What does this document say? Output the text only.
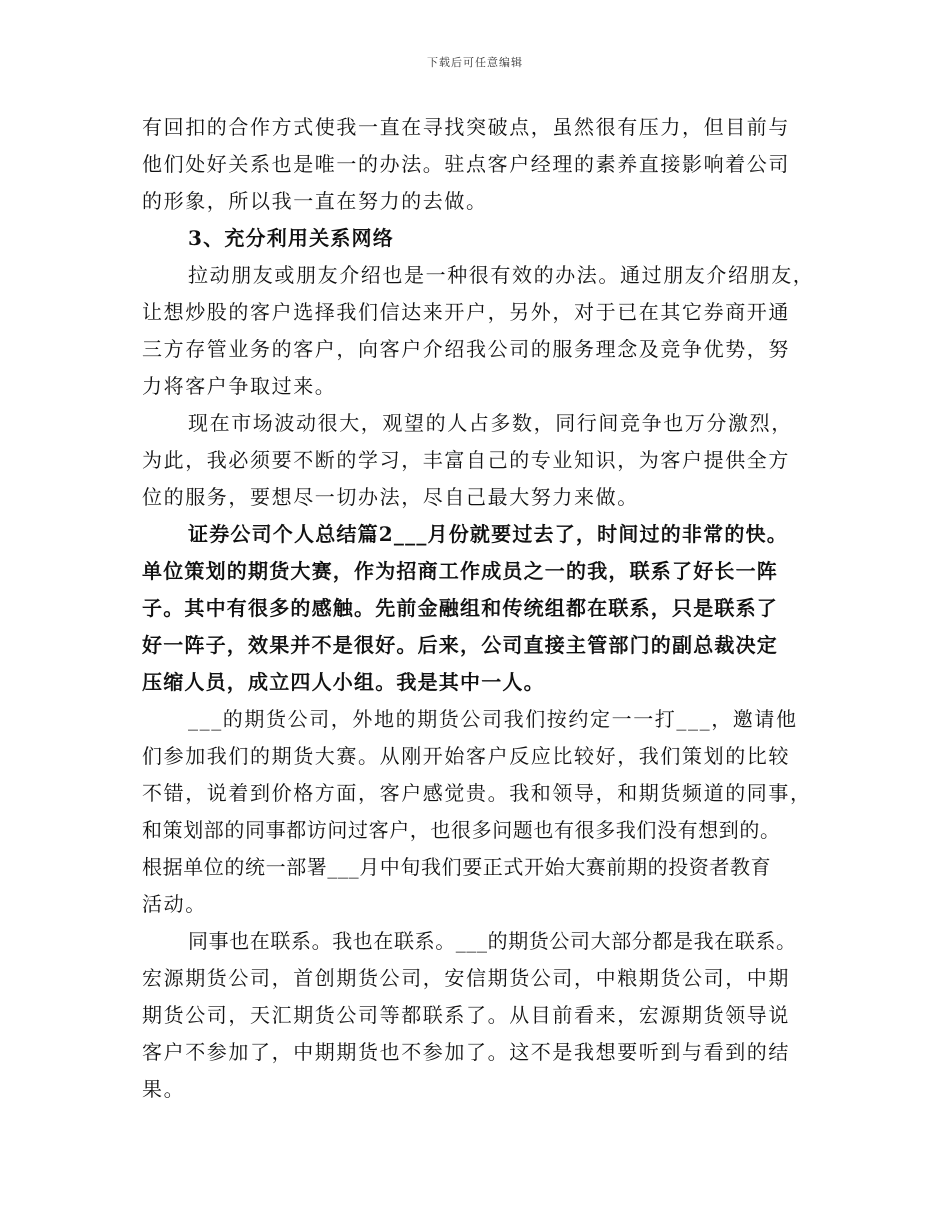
下载后可任意编辑
有回扣的合作方式使我一直在寻找突破点，虽然很有压力，但目前与
他们处好关系也是唯一的办法。驻点客户经理的素养直接影响着公司
的形象，所以我一直在努力的去做。
3、充分利用关系网络
拉动朋友或朋友介绍也是一种很有效的办法。通过朋友介绍朋友，
让想炒股的客户选择我们信达来开户，另外，对于已在其它券商开通
三方存管业务的客户，向客户介绍我公司的服务理念及竞争优势，努
力将客户争取过来。
现在市场波动很大，观望的人占多数，同行间竞争也万分激烈，
为此，我必须要不断的学习，丰富自己的专业知识，为客户提供全方
位的服务，要想尽一切办法，尽自己最大努力来做。
证券公司个人总结篇2___月份就要过去了，时间过的非常的快。
单位策划的期货大赛，作为招商工作成员之一的我，联系了好长一阵
子。其中有很多的感触。先前金融组和传统组都在联系，只是联系了
好一阵子，效果并不是很好。后来，公司直接主管部门的副总裁决定
压缩人员，成立四人小组。我是其中一人。
___的期货公司，外地的期货公司我们按约定一一打___，邀请他
们参加我们的期货大赛。从刚开始客户反应比较好，我们策划的比较
不错，说着到价格方面，客户感觉贵。我和领导，和期货频道的同事，
和策划部的同事都访问过客户，也很多问题也有很多我们没有想到的。
根据单位的统一部署___月中旬我们要正式开始大赛前期的投资者教育
活动。
同事也在联系。我也在联系。___的期货公司大部分都是我在联系。
宏源期货公司，首创期货公司，安信期货公司，中粮期货公司，中期
期货公司，天汇期货公司等都联系了。从目前看来，宏源期货领导说
客户不参加了，中期期货也不参加了。这不是我想要听到与看到的结
果。
